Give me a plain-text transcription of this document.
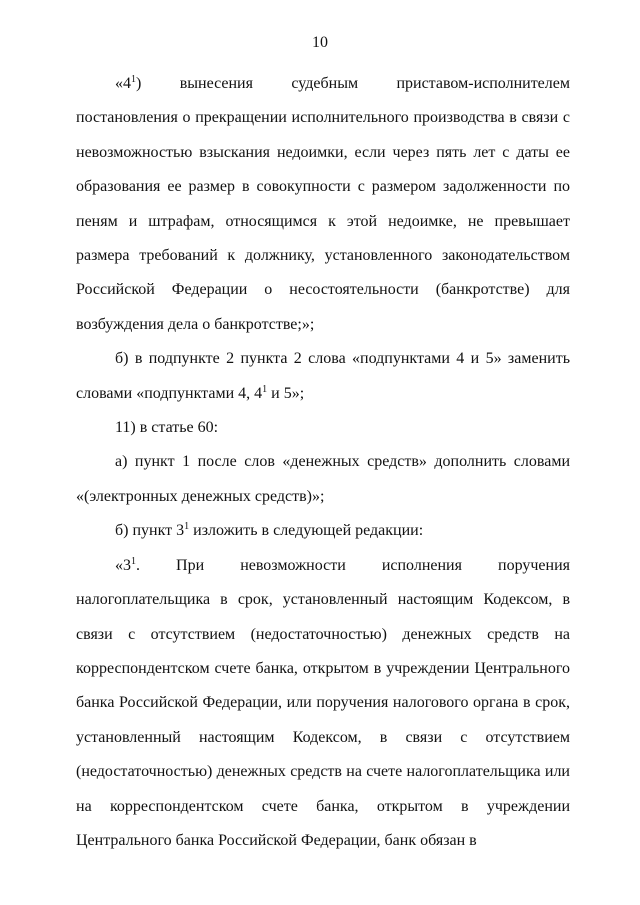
10

«$4^1$) вынесения судебным приставом-исполнителем постановления о прекращении исполнительного производства в связи с невозможностью взыскания недоимки, если через пять лет с даты ее образования ее размер в совокупности с размером задолженности по пеням и штрафам, относящимся к этой недоимке, не превышает размера требований к должнику, установленного законодательством Российской Федерации о несостоятельности (банкротстве) для возбуждения дела о банкротстве;»;

б) в подпункте 2 пункта 2 слова «подпунктами 4 и 5» заменить словами «подпунктами 4, $4^1$ и 5»;

11) в статье 60:

а) пункт 1 после слов «денежных средств» дополнить словами «(электронных денежных средств)»;

б) пункт $3^1$ изложить в следующей редакции:

«$3^1$. При невозможности исполнения поручения налогоплательщика в срок, установленный настоящим Кодексом, в связи с отсутствием (недостаточностью) денежных средств на корреспондентском счете банка, открытом в учреждении Центрального банка Российской Федерации, или поручения налогового органа в срок, установленный настоящим Кодексом, в связи с отсутствием (недостаточностью) денежных средств на счете налогоплательщика или на корреспондентском счете банка, открытом в учреждении Центрального банка Российской Федерации, банк обязан в
